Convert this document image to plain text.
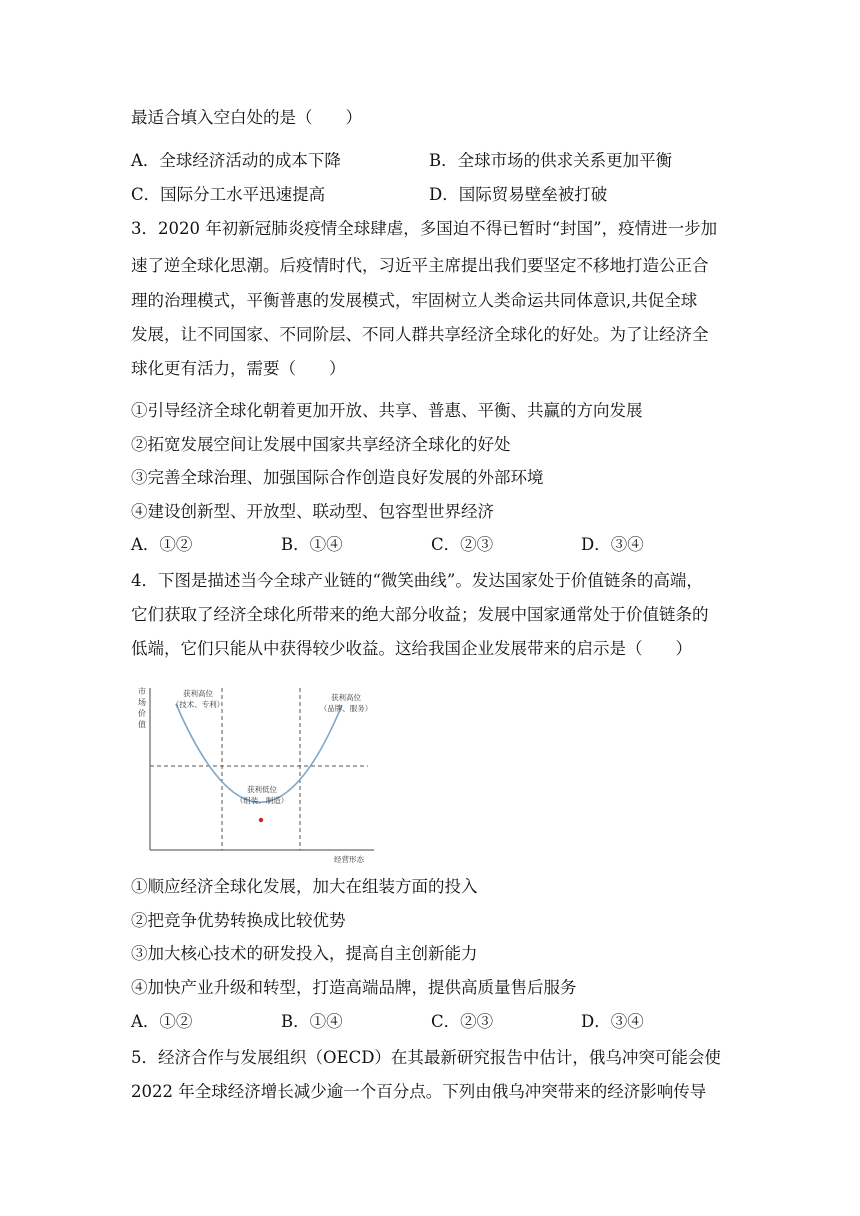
最适合填入空白处的是（　　）
A．全球经济活动的成本下降	B．全球市场的供求关系更加平衡
C．国际分工水平迅速提高	D．国际贸易壁垒被打破
3．2020 年初新冠肺炎疫情全球肆虐，多国迫不得已暂时“封国”，疫情进一步加
速了逆全球化思潮。后疫情时代，习近平主席提出我们要坚定不移地打造公正合
理的治理模式，平衡普惠的发展模式，牢固树立人类命运共同体意识,共促全球
发展，让不同国家、不同阶层、不同人群共享经济全球化的好处。为了让经济全
球化更有活力，需要（　　）
①引导经济全球化朝着更加开放、共享、普惠、平衡、共赢的方向发展
②拓宽发展空间让发展中国家共享经济全球化的好处
③完善全球治理、加强国际合作创造良好发展的外部环境
④建设创新型、开放型、联动型、包容型世界经济
A．①②	B．①④	C．②③	D．③④
4．下图是描述当今全球产业链的“微笑曲线”。发达国家处于价值链条的高端，
它们获取了经济全球化所带来的绝大部分收益；发展中国家通常处于价值链条的
低端，它们只能从中获得较少收益。这给我国企业发展带来的启示是（　　）
市
场
价
值
经营形态
获利高位
（技术、专利）
获利高位
（品牌、服务）
获利低位
（组装、制造）
①顺应经济全球化发展，加大在组装方面的投入
②把竞争优势转换成比较优势
③加大核心技术的研发投入，提高自主创新能力
④加快产业升级和转型，打造高端品牌，提供高质量售后服务
A．①②	B．①④	C．②③	D．③④
5．经济合作与发展组织（OECD）在其最新研究报告中估计，俄乌冲突可能会使
2022 年全球经济增长减少逾一个百分点。下列由俄乌冲突带来的经济影响传导
